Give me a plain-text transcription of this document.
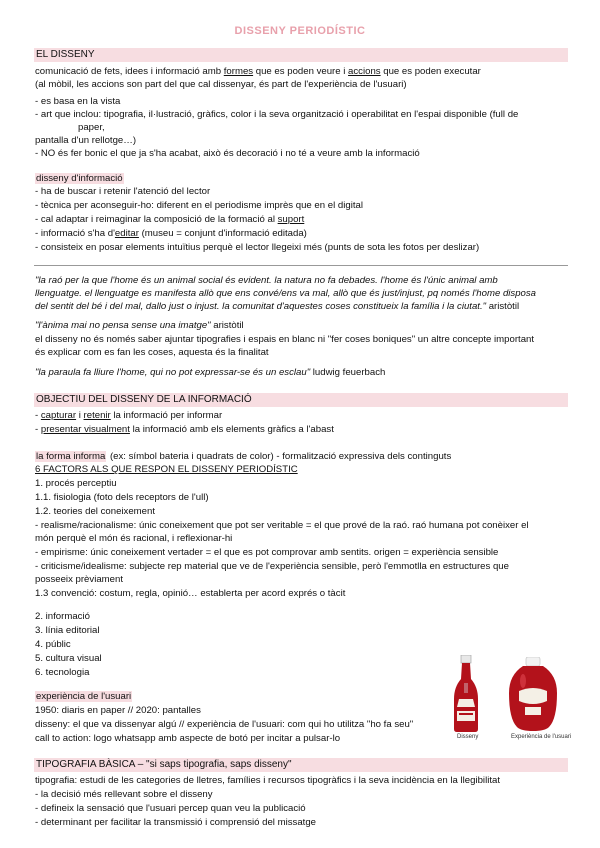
DISSENY PERIODÍSTIC
EL DISSENY
comunicació de fets, idees i informació amb formes que es poden veure i accions que es poden executar
(al mòbil, les accions son part del que cal dissenyar, és part de l'experiència de l'usuari)
- es basa en la vista
- art que inclou: tipografia, il·lustració, gràfics, color i la seva organització i operabilitat en l'espai disponible (full de
paper,
pantalla d'un rellotge…)
- NO és fer bonic el que ja s'ha acabat, això és decoració i no té a veure amb la informació
disseny d'informació
- ha de buscar i retenir l'atenció del lector
- tècnica per aconseguir-ho: diferent en el periodisme imprès que en el digital
- cal adaptar i reimaginar la composició de la formació al suport
- informació s'ha d'editar (museu = conjunt d'informació editada)
- consisteix en posar elements intuïtius perquè el lector llegeixi més (punts de sota les fotos per deslizar)
"la raó per la que l'home és un animal social és evident. la natura no fa debades. l'home és l'únic animal amb
llenguatge. el llenguatge es manifesta allò que ens convé/ens va mal, allò que és just/injust, pq només l'home disposa
del sentit del bé i del mal, dallo just o injust. la comunitat d'aquestes coses constitueix la família i la ciutat." aristòtil
"l'ànima mai no pensa sense una imatge" aristòtil
el disseny no és només saber ajuntar tipografies i espais en blanc ni "fer coses boniques" un altre concepte important
és explicar com es fan les coses, aquesta és la finalitat
"la paraula fa lliure l'home, qui no pot expressar-se és un esclau" ludwig feuerbach
OBJECTIU DEL DISSENY DE LA INFORMACIÓ
- capturar i retenir la informació per informar
- presentar visualment la informació amb els elements gràfics a l'abast
la forma informa (ex: símbol bateria i quadrats de color) - formalització expressiva dels continguts
6 FACTORS ALS QUE RESPON EL DISSENY PERIODÍSTIC
1. procés perceptiu
1.1. fisiologia (foto dels receptors de l'ull)
1.2. teories del coneixement
- realisme/racionalisme: únic coneixement que pot ser veritable = el que prové de la raó. raó humana pot conèixer el
món perquè el món és racional, i reflexionar-hi
- empirisme: únic coneixement vertader = el que es pot comprovar amb sentits. origen = experiència sensible
- criticisme/idealisme: subjecte rep material que ve de l'experiència sensible, però l'emmotlla en estructures que
posseeix prèviament
1.3 convenció: costum, regla, opinió… establerta per acord exprés o tàcit
2. informació
3. línia editorial
4. públic
5. cultura visual
6. tecnologia
experiència de l'usuari
1950: diaris en paper // 2020: pantalles
disseny: el que va dissenyar algú // experiència de l'usuari: com qui ho utilitza "ho fa seu"
call to action: logo whatsapp amb aspecte de botó per incitar a pulsar-lo	Disseny	Experiència de l'usuari
TIPOGRAFIA BÀSICA – "si saps tipografia, saps disseny"
tipografia: estudi de les categories de lletres, famílies i recursos tipogràfics i la seva incidència en la llegibilitat
- la decisió més rellevant sobre el disseny
- defineix la sensació que l'usuari percep quan veu la publicació
- determinant per facilitar la transmissió i comprensió del missatge
